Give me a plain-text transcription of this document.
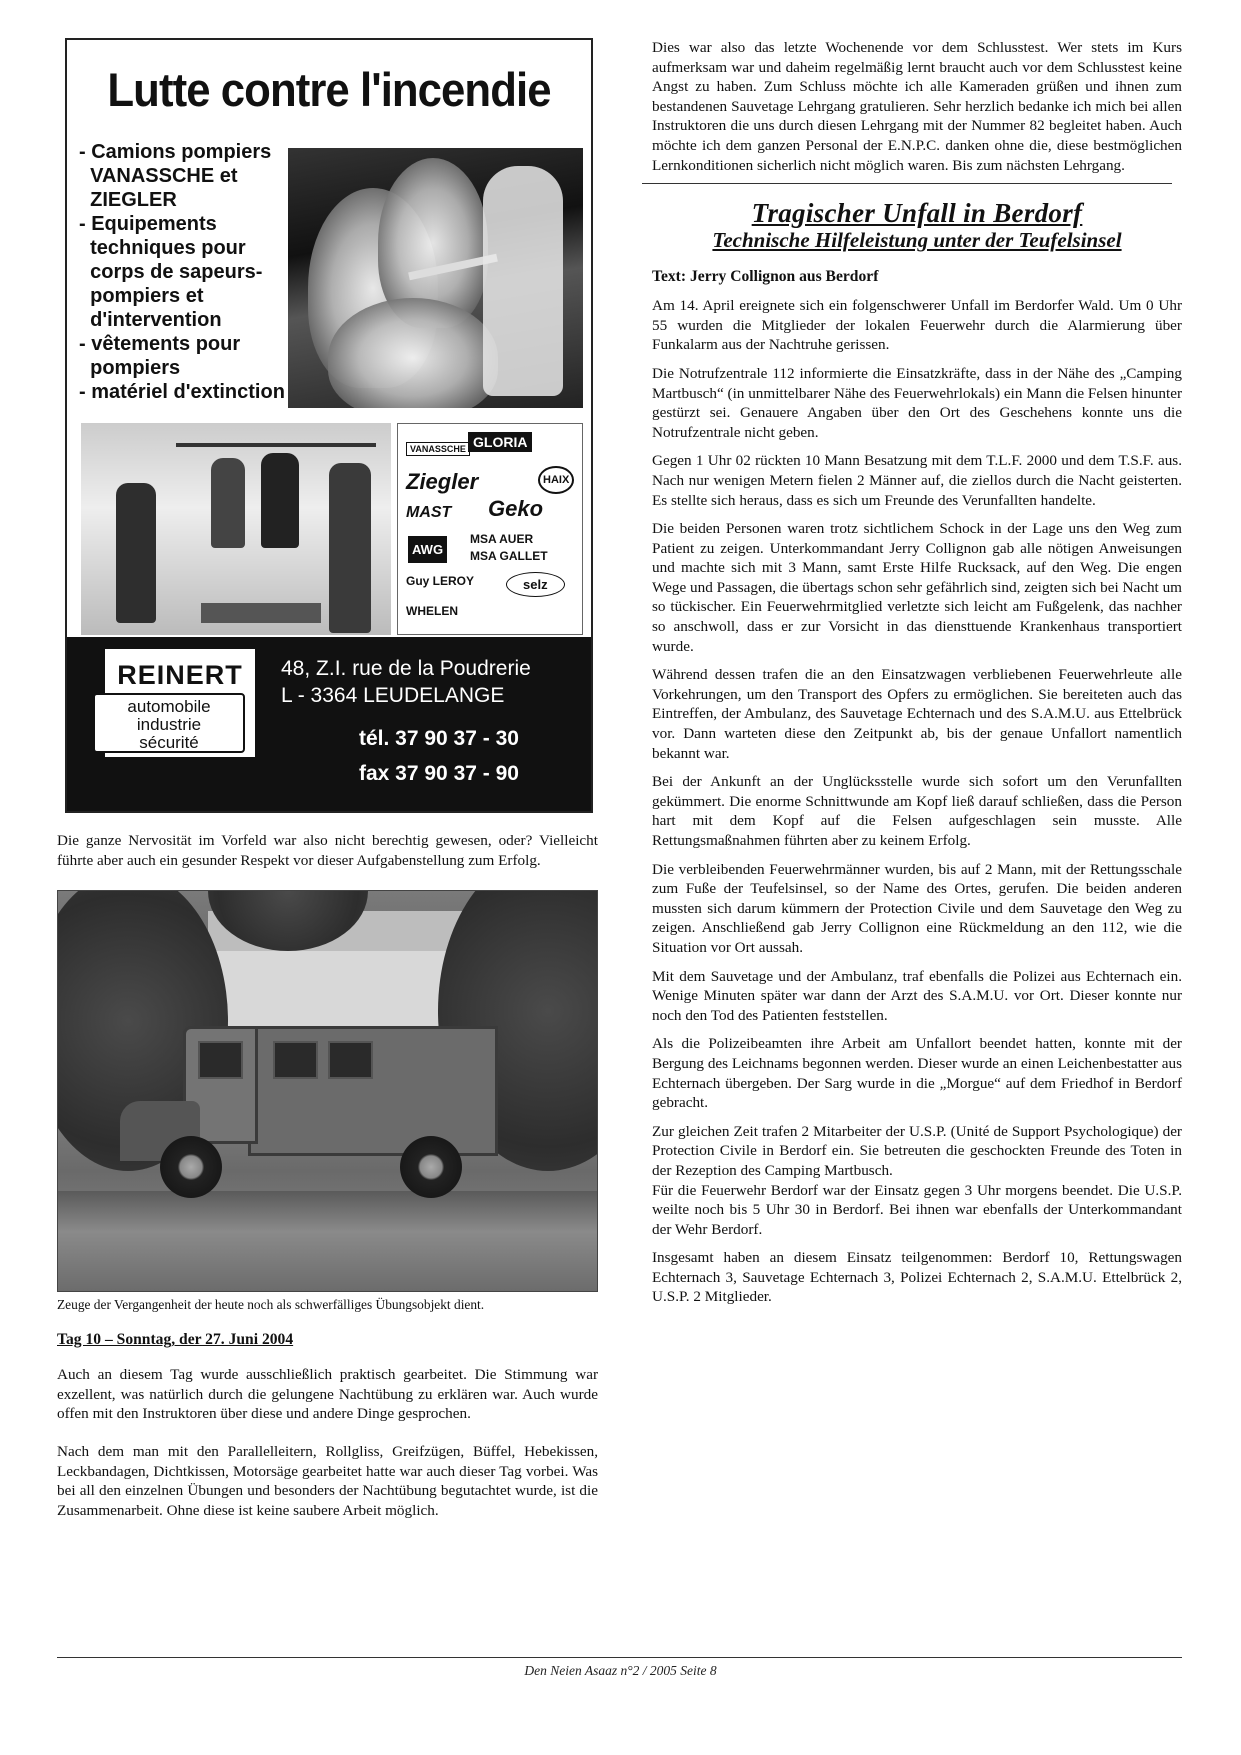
Lutte contre l'incendie
- Camions pompiers
VANASSCHE et
ZIEGLER
- Equipements
techniques pour
corps de sapeurs-
pompiers et
d'intervention
- vêtements pour
pompiers
- matériel d'extinction
GLORIA
VANASSCHE
Ziegler	HAIX
MAST Geko
AWG
MSA AUER
MSA GALLET
Guy LEROY	selz
WHELEN
REINERT
automobile
industrie
sécurité
48, Z.I. rue de la Poudrerie
L - 3364 LEUDELANGE
tél. 37 90 37 - 30
fax 37 90 37 - 90

Die ganze Nervosität im Vorfeld war also nicht berechtig gewesen, oder? Vielleicht führte aber auch ein gesunder Respekt vor dieser Aufgabenstellung zum Erfolg.

Zeuge der Vergangenheit der heute noch als schwerfälliges Übungsobjekt dient.
Tag 10 – Sonntag, der 27. Juni 2004

Auch an diesem Tag wurde ausschließlich praktisch gearbeitet. Die Stimmung war exzellent, was natürlich durch die gelungene Nachtübung zu erklären war. Auch wurde offen mit den Instruktoren über diese und andere Dinge gesprochen.

Nach dem man mit den Parallelleitern, Rollgliss, Greifzügen, Büffel, Hebekissen, Leckbandagen, Dichtkissen, Motorsäge gearbeitet hatte war auch dieser Tag vorbei. Was bei all den einzelnen Übungen und besonders der Nachtübung begutachtet wurde, ist die Zusammenarbeit. Ohne diese ist keine saubere Arbeit möglich.

Dies war also das letzte Wochenende vor dem Schlusstest. Wer stets im Kurs aufmerksam war und daheim regelmäßig lernt braucht auch vor dem Schlusstest keine Angst zu haben. Zum Schluss möchte ich alle Kameraden grüßen und ihnen zum bestandenen Sauvetage Lehrgang gratulieren. Sehr herzlich bedanke ich mich bei allen Instruktoren die uns durch diesen Lehrgang mit der Nummer 82 begleitet haben. Auch möchte ich dem ganzen Personal der E.N.P.C. danken ohne die, diese bestmöglichen Lernkonditionen sicherlich nicht möglich waren. Bis zum nächsten Lehrgang.

Tragischer Unfall in Berdorf
Technische Hilfeleistung unter der Teufelsinsel
Text: Jerry Collignon aus Berdorf

Am 14. April ereignete sich ein folgenschwerer Unfall im Berdorfer Wald. Um 0 Uhr 55 wurden die Mitglieder der lokalen Feuerwehr durch die Alarmierung über Funkalarm aus der Nachtruhe gerissen.

Die Notrufzentrale 112 informierte die Einsatzkräfte, dass in der Nähe des „Camping Martbusch“ (in unmittelbarer Nähe des Feuerwehrlokals) ein Mann die Felsen hinunter gestürzt sei. Genauere Angaben über den Ort des Geschehens konnte uns die Notrufzentrale nicht geben.

Gegen 1 Uhr 02 rückten 10 Mann Besatzung mit dem T.L.F. 2000 und dem T.S.F. aus. Nach nur wenigen Metern fielen 2 Männer auf, die ziellos durch die Nacht geisterten. Es stellte sich heraus, dass es sich um Freunde des Verunfallten handelte.

Die beiden Personen waren trotz sichtlichem Schock in der Lage uns den Weg zum Patient zu zeigen. Unterkommandant Jerry Collignon gab alle nötigen Anweisungen und machte sich mit 3 Mann, samt Erste Hilfe Rucksack, auf den Weg. Die engen Wege und Passagen, die übertags schon sehr gefährlich sind, zeigten sich bei Nacht um so tückischer. Ein Feuerwehrmitglied verletzte sich leicht am Fußgelenk, das nachher so anschwoll, dass er zur Vorsicht in das diensttuende Krankenhaus transportiert wurde.

Während dessen trafen die an den Einsatzwagen verbliebenen Feuerwehrleute alle Vorkehrungen, um den Transport des Opfers zu ermöglichen. Sie bereiteten auch das Eintreffen, der Ambulanz, des Sauvetage Echternach und des S.A.M.U. aus Ettelbrück vor. Dann warteten diese den Zeitpunkt ab, bis der genaue Unfallort namentlich bekannt war.

Bei der Ankunft an der Unglücksstelle wurde sich sofort um den Verunfallten gekümmert. Die enorme Schnittwunde am Kopf ließ darauf schließen, dass die Person hart mit dem Kopf auf die Felsen aufgeschlagen sein musste. Alle Rettungsmaßnahmen führten aber zu keinem Erfolg.

Die verbleibenden Feuerwehrmänner wurden, bis auf 2 Mann, mit der Rettungsschale zum Fuße der Teufelsinsel, so der Name des Ortes, gerufen. Die beiden anderen mussten sich darum kümmern der Protection Civile und dem Sauvetage den Weg zu zeigen. Anschließend gab Jerry Collignon eine Rückmeldung an den 112, wie die Situation vor Ort aussah.

Mit dem Sauvetage und der Ambulanz, traf ebenfalls die Polizei aus Echternach ein. Wenige Minuten später war dann der Arzt des S.A.M.U. vor Ort. Dieser konnte nur noch den Tod des Patienten feststellen.

Als die Polizeibeamten ihre Arbeit am Unfallort beendet hatten, konnte mit der Bergung des Leichnams begonnen werden. Dieser wurde an einen Leichenbestatter aus Echternach übergeben. Der Sarg wurde in die „Morgue“ auf dem Friedhof in Berdorf gebracht.

Zur gleichen Zeit trafen 2 Mitarbeiter der U.S.P. (Unité de Support Psychologique) der Protection Civile in Berdorf ein. Sie betreuten die geschockten Freunde des Toten in der Rezeption des Camping Martbusch.

Für die Feuerwehr Berdorf war der Einsatz gegen 3 Uhr morgens beendet. Die U.S.P. weilte noch bis 5 Uhr 30 in Berdorf. Bei ihnen war ebenfalls der Unterkommandant der Wehr Berdorf.

Insgesamt haben an diesem Einsatz teilgenommen: Berdorf 10, Rettungswagen Echternach 3, Sauvetage Echternach 3, Polizei Echternach 2, S.A.M.U. Ettelbrück 2, U.S.P. 2 Mitglieder.

Den Neien Asaaz n°2 / 2005 Seite 8
